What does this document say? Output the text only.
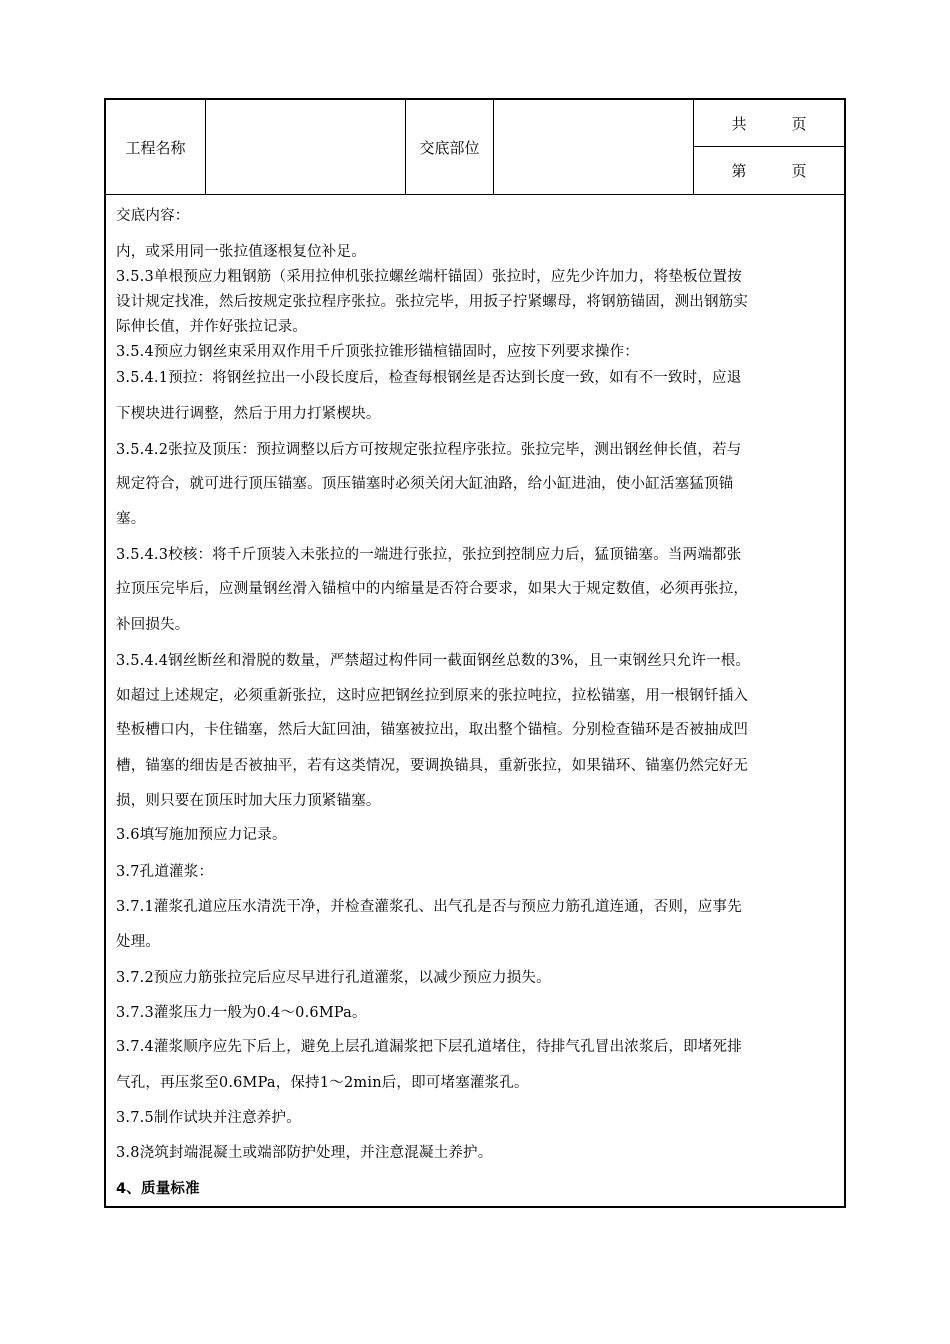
工程名称	交底部位
共　　　页
第　　　页
交底内容：
内，或采用同一张拉值逐根复位补足。
3.5.3单根预应力粗钢筋（采用拉伸机张拉螺丝端杆锚固）张拉时，应先少许加力，将垫板位置按
设计规定找准，然后按规定张拉程序张拉。张拉完毕，用扳子拧紧螺母，将钢筋锚固，测出钢筋实
际伸长值，并作好张拉记录。
3.5.4预应力钢丝束采用双作用千斤顶张拉锥形锚楦锚固时，应按下列要求操作：
3.5.4.1预拉：将钢丝拉出一小段长度后，检查每根钢丝是否达到长度一致，如有不一致时，应退
下楔块进行调整，然后于用力打紧楔块。
3.5.4.2张拉及顶压：预拉调整以后方可按规定张拉程序张拉。张拉完毕，测出钢丝伸长值，若与
规定符合，就可进行顶压锚塞。顶压锚塞时必须关闭大缸油路，给小缸进油，使小缸活塞猛顶锚
塞。
3.5.4.3校核：将千斤顶装入未张拉的一端进行张拉，张拉到控制应力后，猛顶锚塞。当两端都张
拉顶压完毕后，应测量钢丝滑入锚楦中的内缩量是否符合要求，如果大于规定数值，必须再张拉，
补回损失。
3.5.4.4钢丝断丝和滑脱的数量，严禁超过构件同一截面钢丝总数的3%，且一束钢丝只允许一根。
如超过上述规定，必须重新张拉，这时应把钢丝拉到原来的张拉吨拉，拉松锚塞，用一根钢钎插入
垫板槽口内，卡住锚塞，然后大缸回油，锚塞被拉出，取出整个锚楦。分别检查锚环是否被抽成凹
槽，锚塞的细齿是否被抽平，若有这类情况，要调换锚具，重新张拉，如果锚环、锚塞仍然完好无
损，则只要在顶压时加大压力顶紧锚塞。
3.6填写施加预应力记录。
3.7孔道灌浆：
3.7.1灌浆孔道应压水清洗干净，并检查灌浆孔、出气孔是否与预应力筋孔道连通，否则，应事先
处理。
3.7.2预应力筋张拉完后应尽早进行孔道灌浆，以减少预应力损失。
3.7.3灌浆压力一般为0.4～0.6MPa。
3.7.4灌浆顺序应先下后上，避免上层孔道漏浆把下层孔道堵住，待排气孔冒出浓浆后，即堵死排
气孔，再压浆至0.6MPa，保持1～2min后，即可堵塞灌浆孔。
3.7.5制作试块并注意养护。
3.8浇筑封端混凝土或端部防护处理，并注意混凝土养护。
4、质量标准
